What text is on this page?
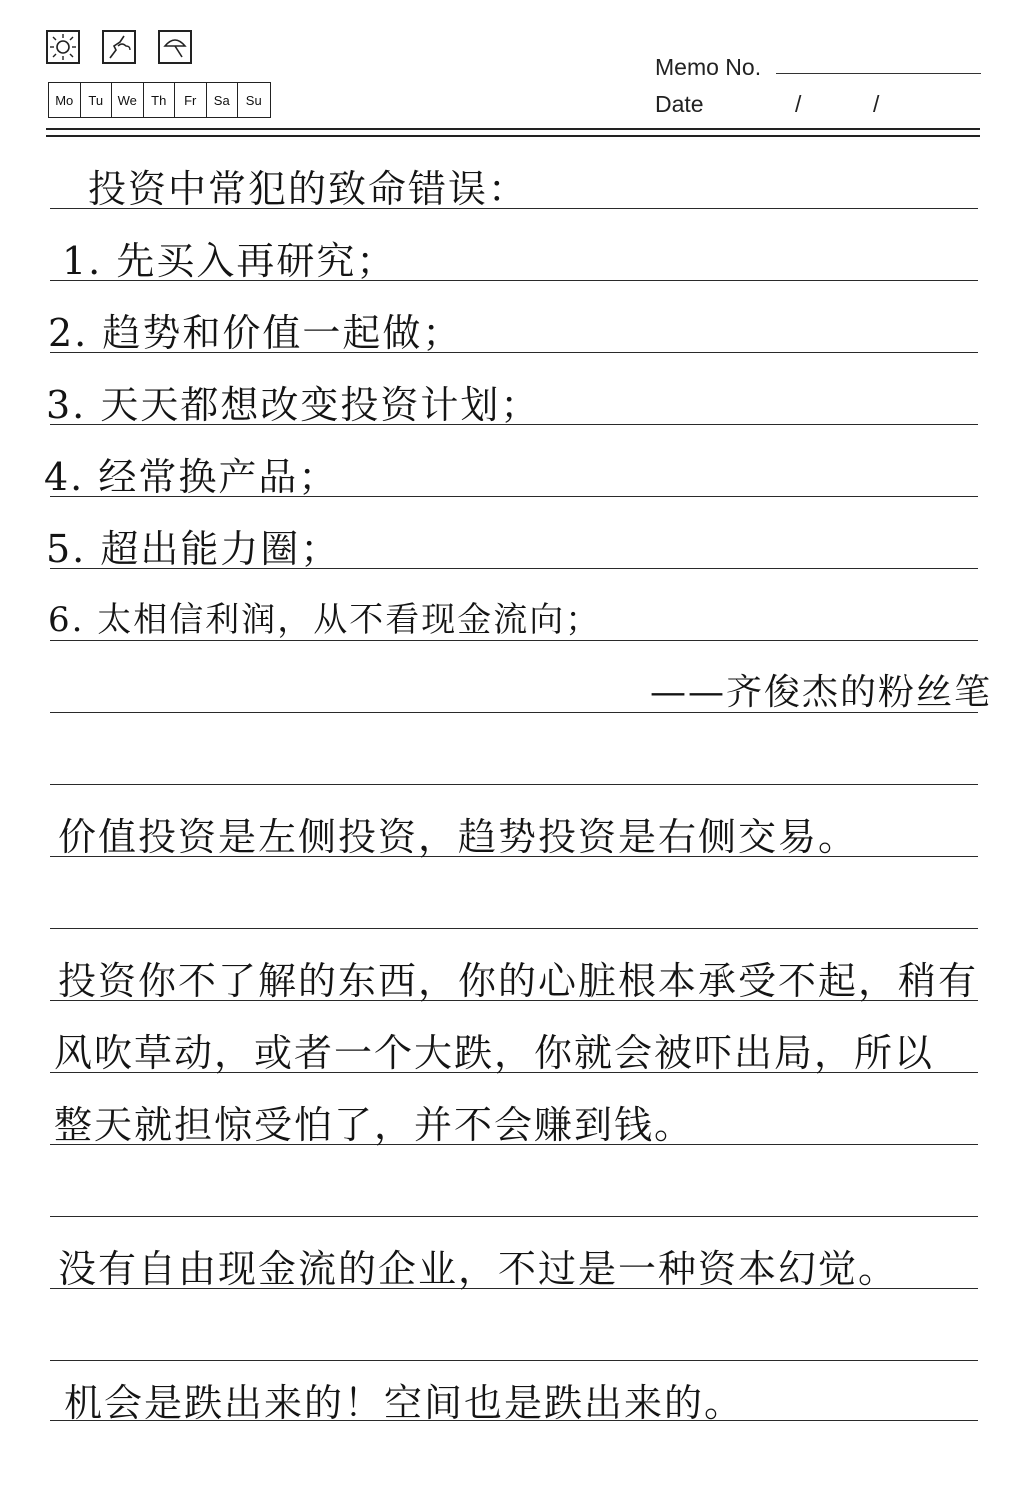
Mo	Tu	We	Th	Fr	Sa	Su
Memo No.
Date	/	/
投资中常犯的致命错误：
1. 先买入再研究；
2. 趋势和价值一起做；
3. 天天都想改变投资计划；
4. 经常换产品；
5. 超出能力圈；
6. 太相信利润，从不看现金流向；
——齐俊杰的粉丝笔
价值投资是左侧投资，趋势投资是右侧交易。
投资你不了解的东西，你的心脏根本承受不起，稍有
风吹草动，或者一个大跌，你就会被吓出局，所以
整天就担惊受怕了，并不会赚到钱。
没有自由现金流的企业，不过是一种资本幻觉。
机会是跌出来的！空间也是跌出来的。
